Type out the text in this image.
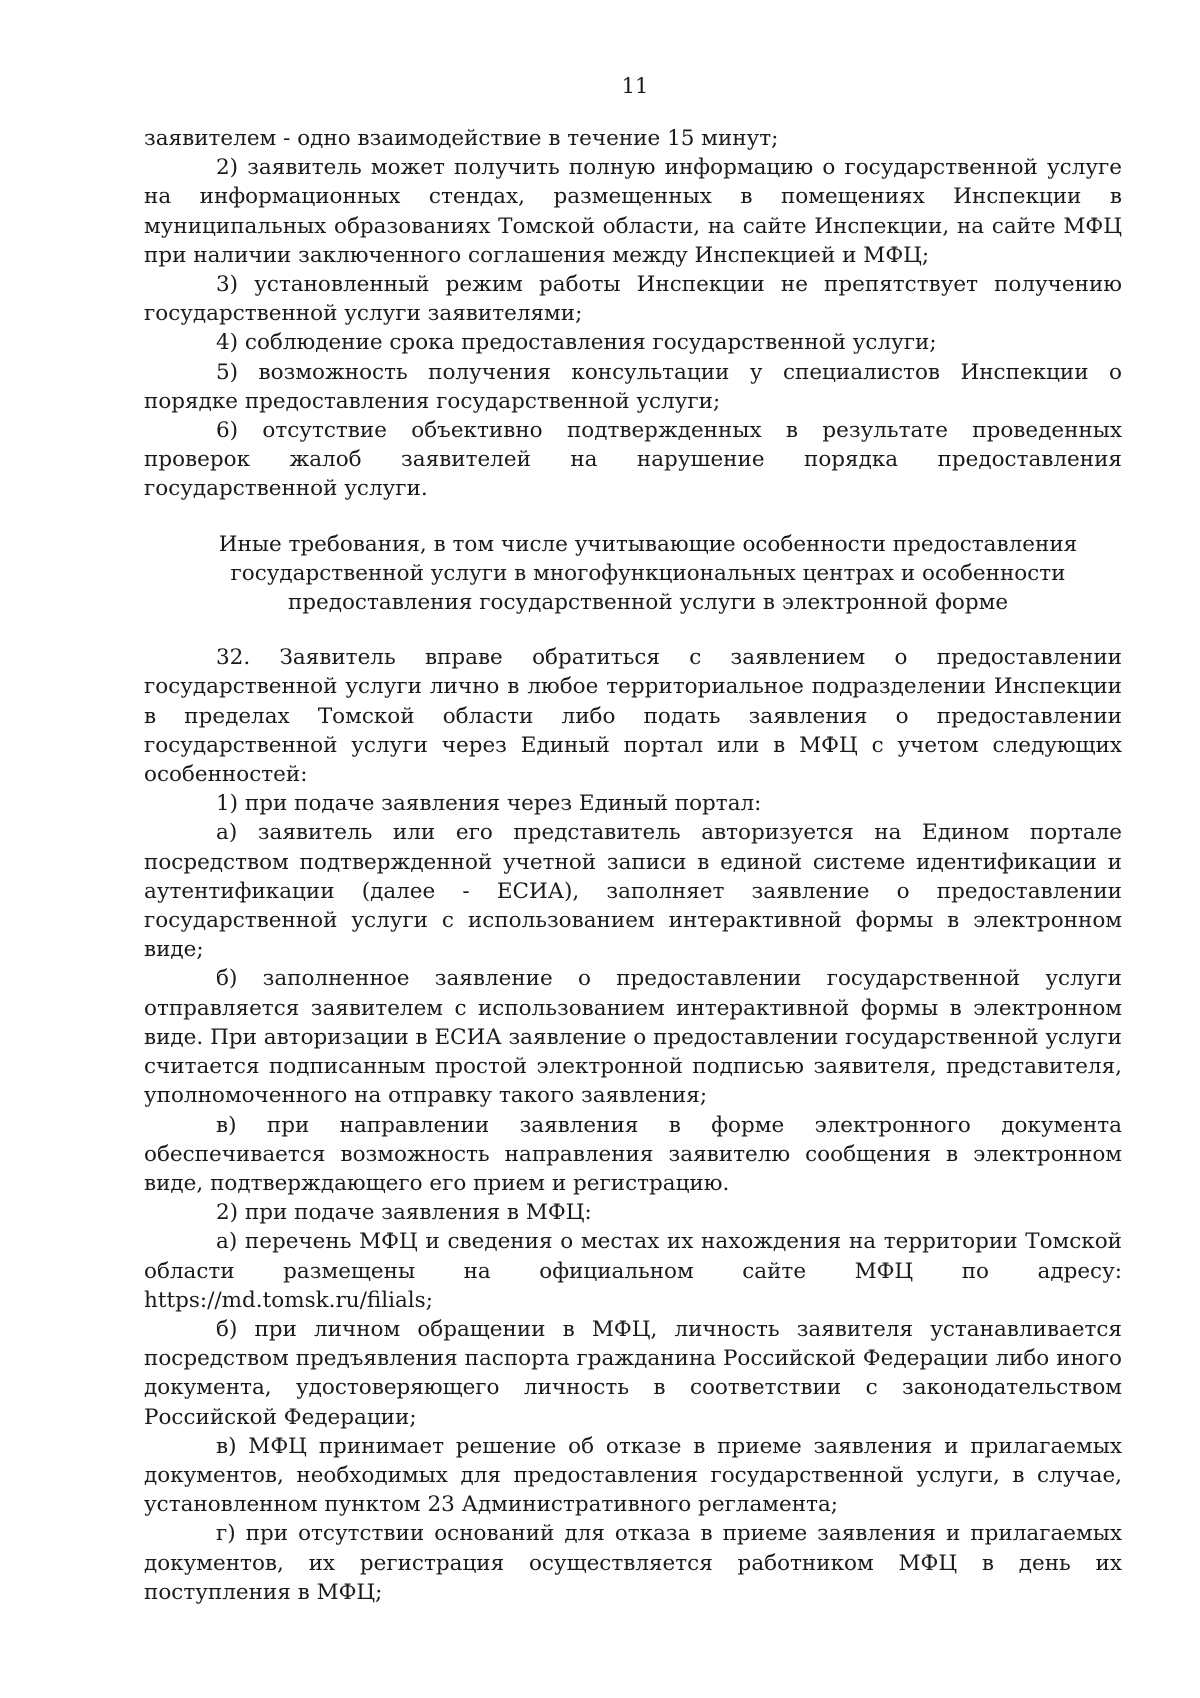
11

заявителем - одно взаимодействие в течение 15 минут;

2) заявитель может получить полную информацию о государственной услуге на информационных стендах, размещенных в помещениях Инспекции в муниципальных образованиях Томской области, на сайте Инспекции, на сайте МФЦ при наличии заключенного соглашения между Инспекцией и МФЦ;

3) установленный режим работы Инспекции не препятствует получению государственной услуги заявителями;

4) соблюдение срока предоставления государственной услуги;

5) возможность получения консультации у специалистов Инспекции о порядке предоставления государственной услуги;

6) отсутствие объективно подтвержденных в результате проведенных проверок жалоб заявителей на нарушение порядка предоставления государственной услуги.

Иные требования, в том числе учитывающие особенности предоставления
государственной услуги в многофункциональных центрах и особенности
предоставления государственной услуги в электронной форме

32. Заявитель вправе обратиться с заявлением о предоставлении государственной услуги лично в любое территориальное подразделении Инспекции в пределах Томской области либо подать заявления о предоставлении государственной услуги через Единый портал или в МФЦ с учетом следующих особенностей:

1) при подаче заявления через Единый портал:

а) заявитель или его представитель авторизуется на Едином портале посредством подтвержденной учетной записи в единой системе идентификации и аутентификации (далее - ЕСИА), заполняет заявление о предоставлении государственной услуги с использованием интерактивной формы в электронном виде;

б) заполненное заявление о предоставлении государственной услуги отправляется заявителем с использованием интерактивной формы в электронном виде. При авторизации в ЕСИА заявление о предоставлении государственной услуги считается подписанным простой электронной подписью заявителя, представителя, уполномоченного на отправку такого заявления;

в) при направлении заявления в форме электронного документа обеспечивается возможность направления заявителю сообщения в электронном виде, подтверждающего его прием и регистрацию.

2) при подаче заявления в МФЦ:

а) перечень МФЦ и сведения о местах их нахождения на территории Томской области размещены на официальном сайте МФЦ по адресу: https://md.tomsk.ru/filials;

б) при личном обращении в МФЦ, личность заявителя устанавливается посредством предъявления паспорта гражданина Российской Федерации либо иного документа, удостоверяющего личность в соответствии с законодательством Российской Федерации;

в) МФЦ принимает решение об отказе в приеме заявления и прилагаемых документов, необходимых для предоставления государственной услуги, в случае, установленном пунктом 23 Административного регламента;

г) при отсутствии оснований для отказа в приеме заявления и прилагаемых документов, их регистрация осуществляется работником МФЦ в день их поступления в МФЦ;
